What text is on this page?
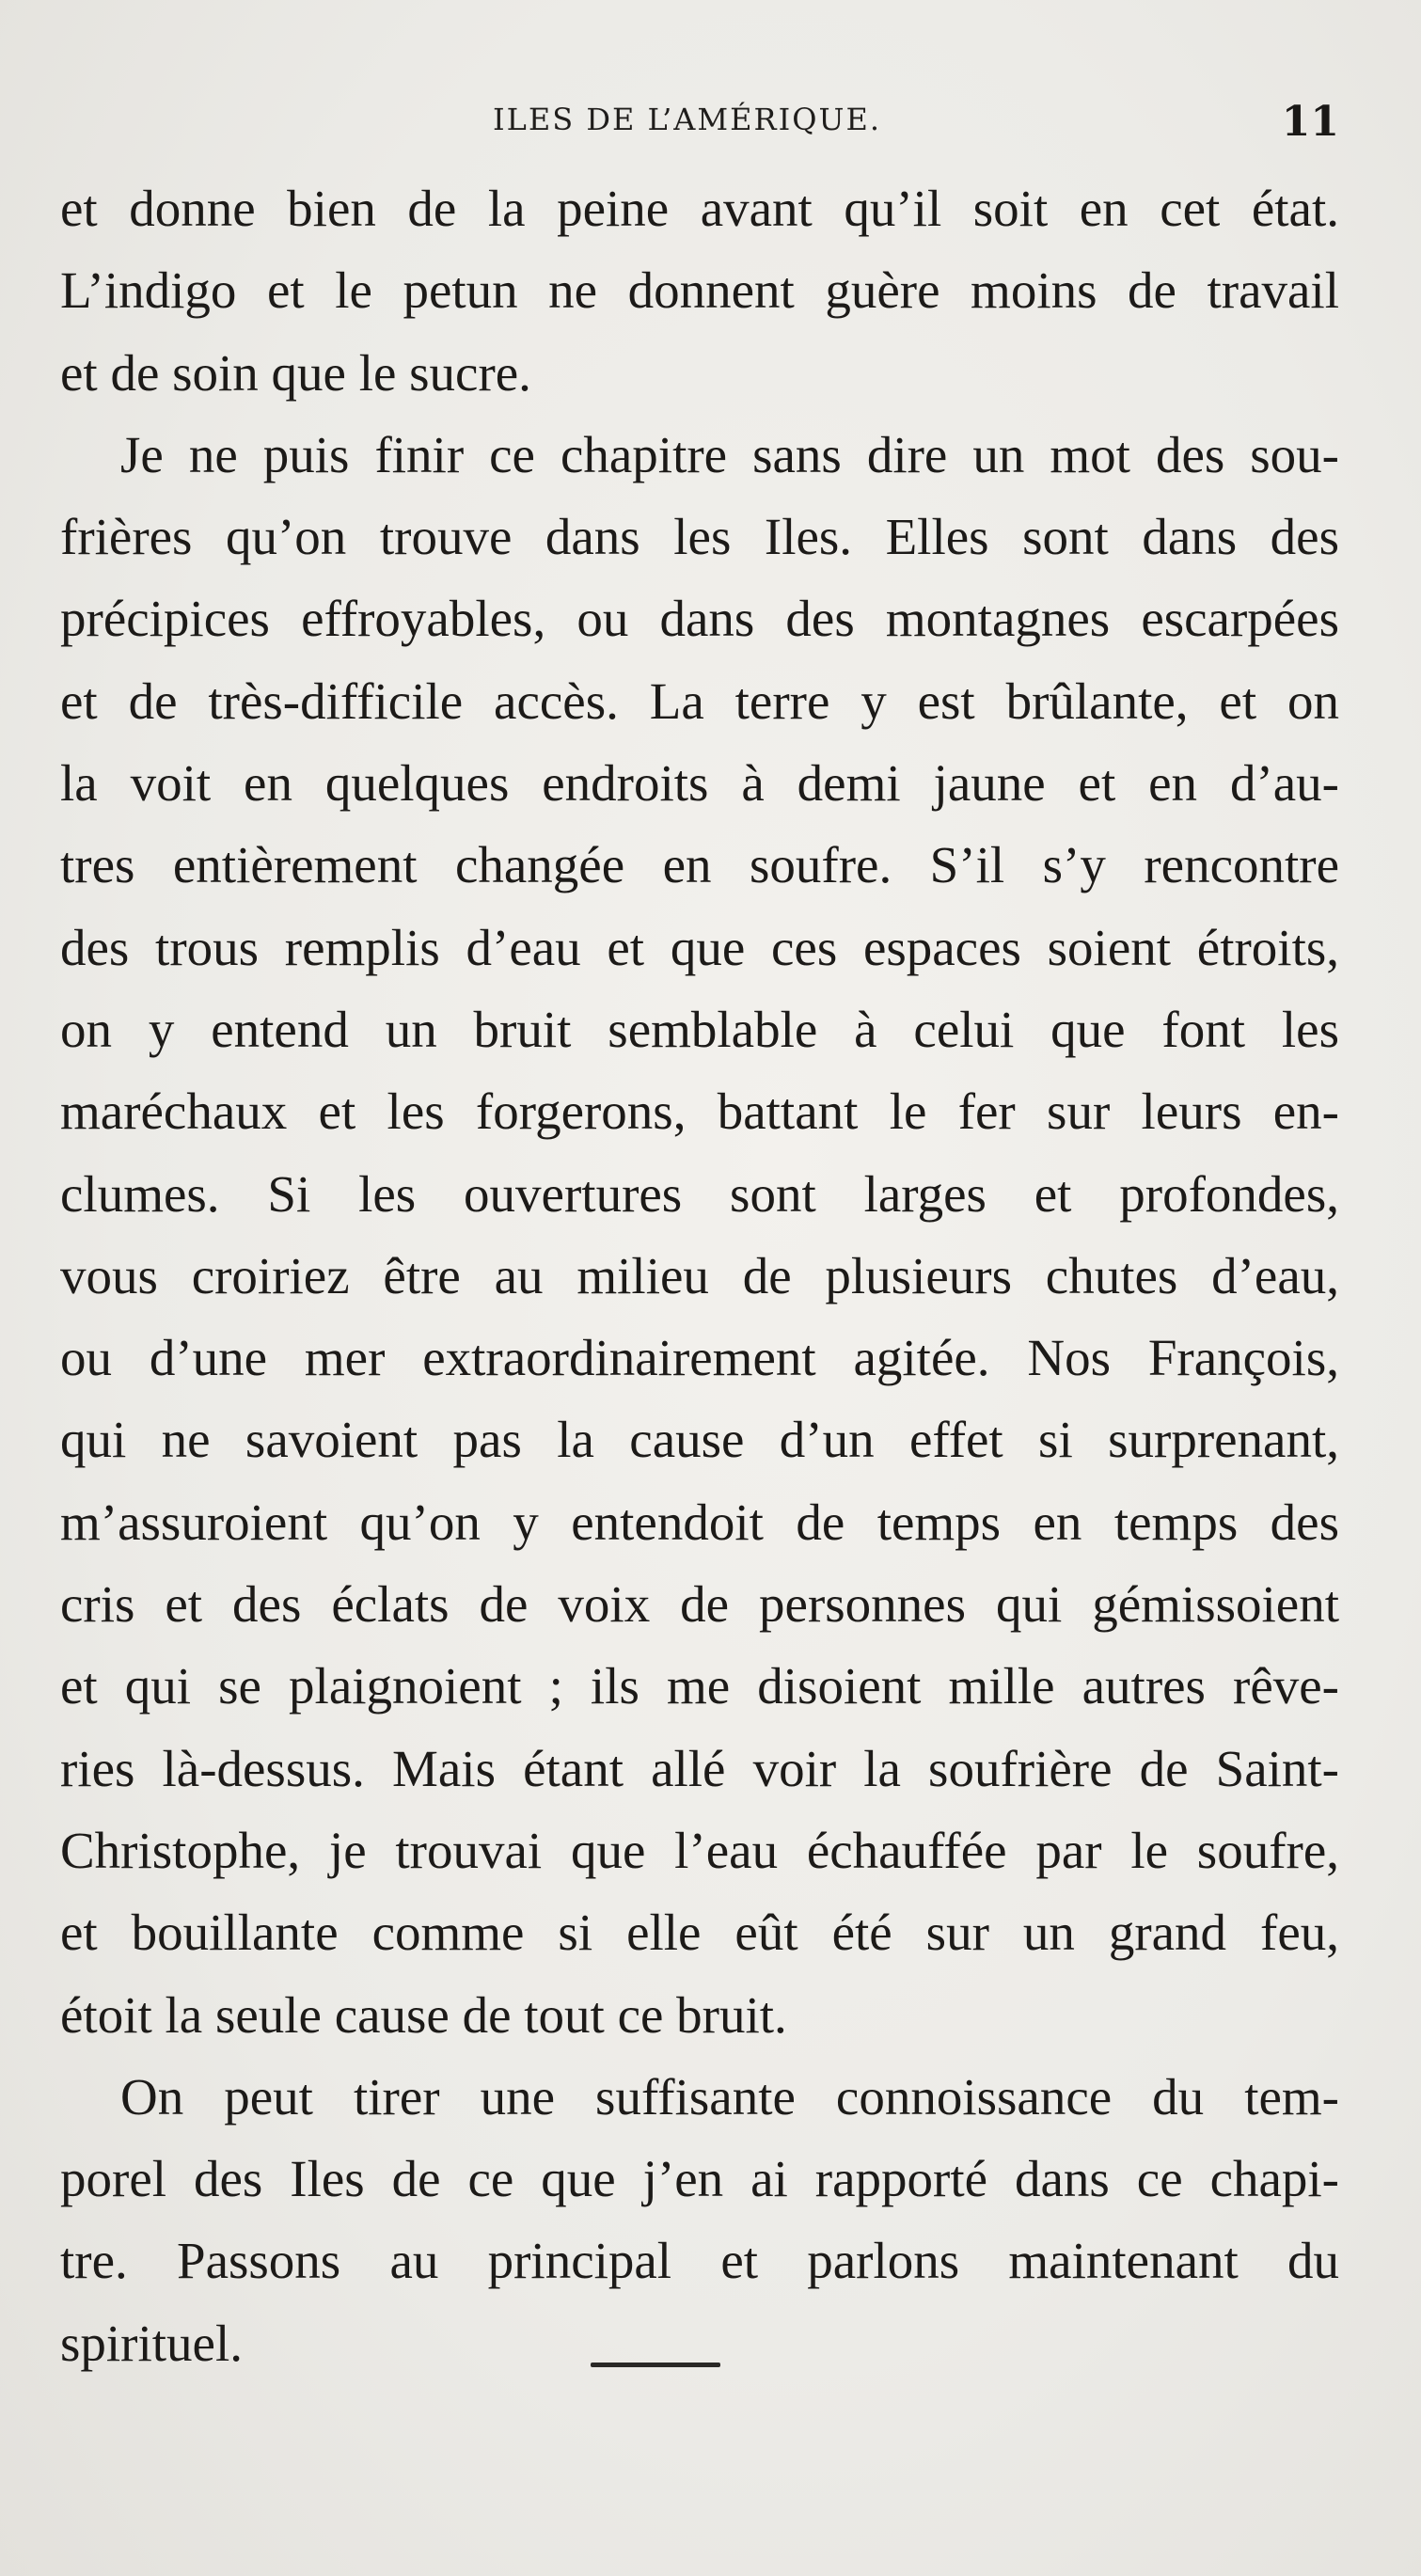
ILES DE L’AMÉRIQUE.	11
et donne bien de la peine avant qu’il soit en cet état.
L’indigo et le petun ne donnent guère moins de travail
et de soin que le sucre.
Je ne puis finir ce chapitre sans dire un mot des sou-
frières qu’on trouve dans les Iles. Elles sont dans des
précipices effroyables, ou dans des montagnes escarpées
et de très-difficile accès. La terre y est brûlante, et on
la voit en quelques endroits à demi jaune et en d’au-
tres entièrement changée en soufre. S’il s’y rencontre
des trous remplis d’eau et que ces espaces soient étroits,
on y entend un bruit semblable à celui que font les
maréchaux et les forgerons, battant le fer sur leurs en-
clumes. Si les ouvertures sont larges et profondes,
vous croiriez être au milieu de plusieurs chutes d’eau,
ou d’une mer extraordinairement agitée. Nos François,
qui ne savoient pas la cause d’un effet si surprenant,
m’assuroient qu’on y entendoit de temps en temps des
cris et des éclats de voix de personnes qui gémissoient
et qui se plaignoient ; ils me disoient mille autres rêve-
ries là-dessus. Mais étant allé voir la soufrière de Saint-
Christophe, je trouvai que l’eau échauffée par le soufre,
et bouillante comme si elle eût été sur un grand feu,
étoit la seule cause de tout ce bruit.
On peut tirer une suffisante connoissance du tem-
porel des Iles de ce que j’en ai rapporté dans ce chapi-
tre. Passons au principal et parlons maintenant du
spirituel.
